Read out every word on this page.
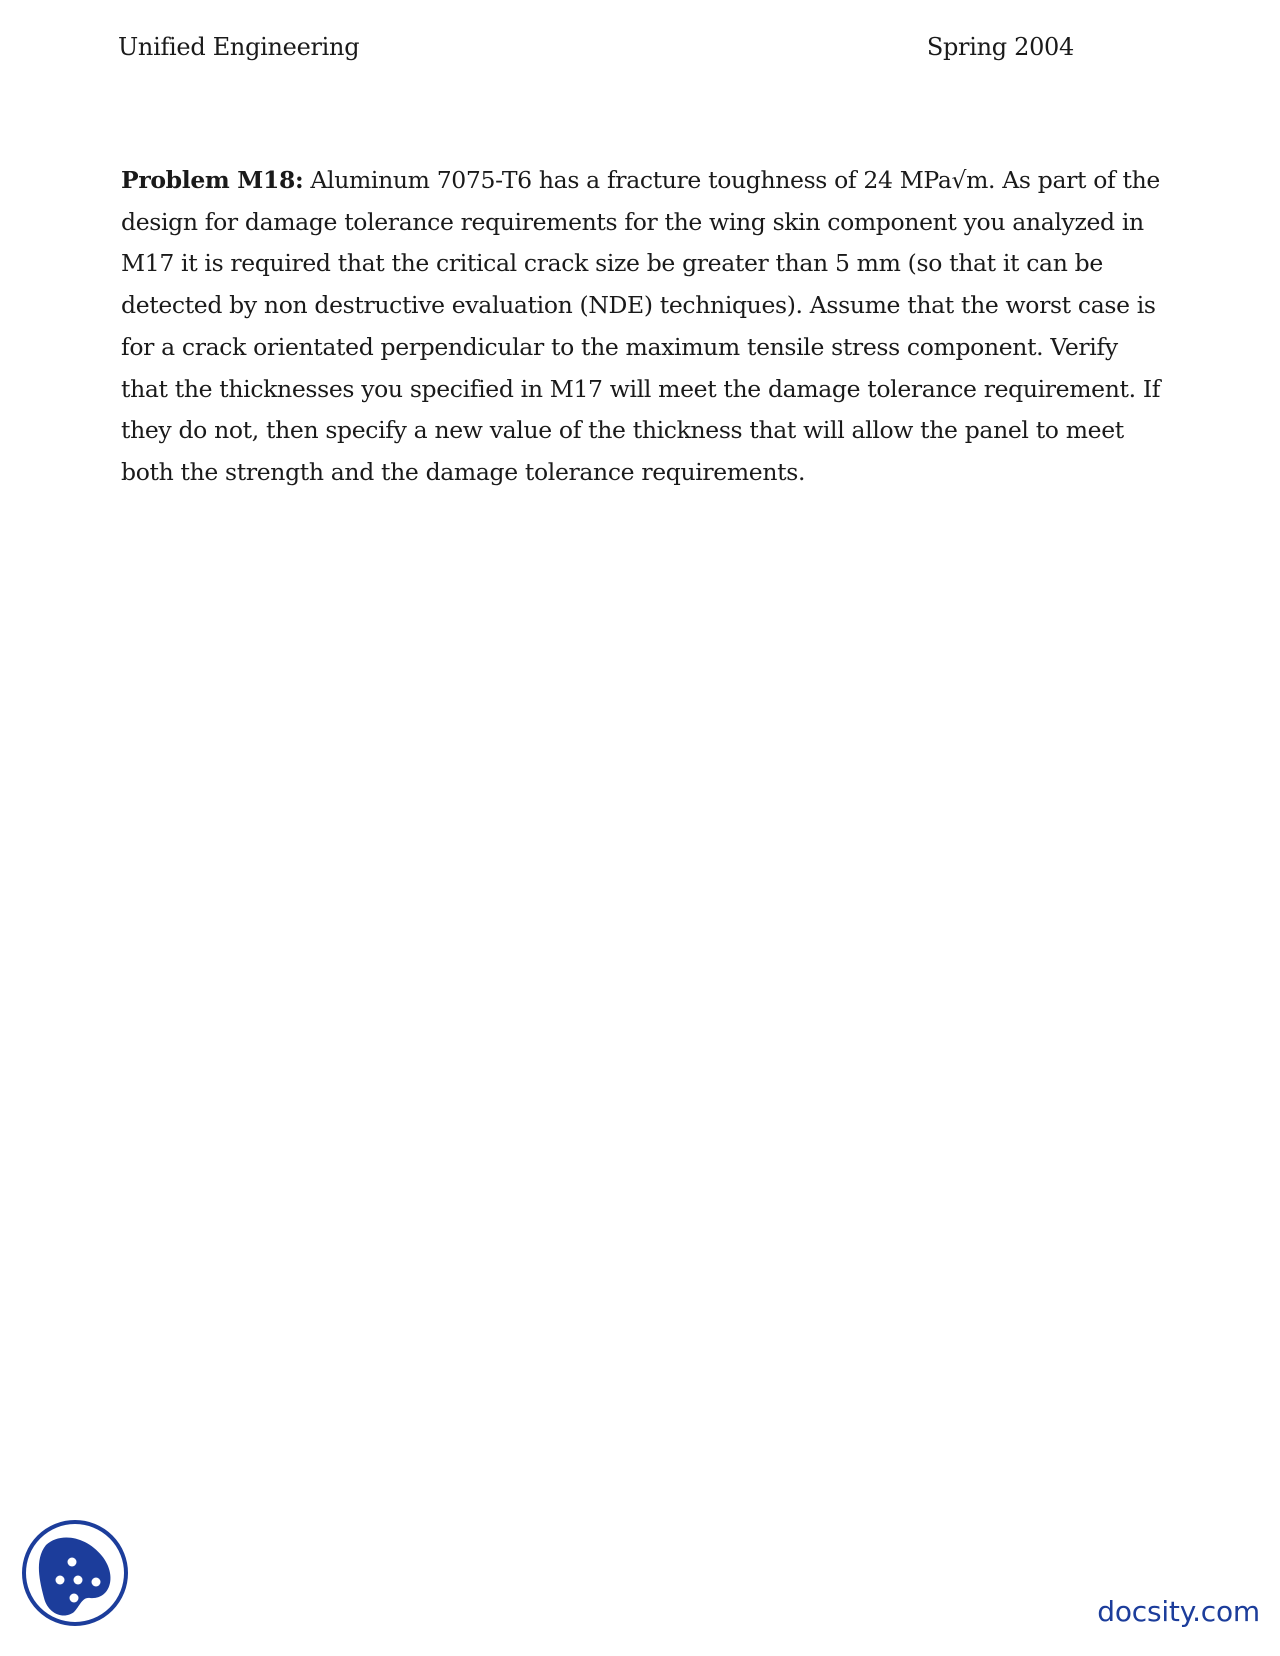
Unified Engineering	Spring 2004

Problem M18: Aluminum 7075-T6 has a fracture toughness of 24 MPa√m. As part of the design for damage tolerance requirements for the wing skin component you analyzed in M17 it is required that the critical crack size be greater than 5 mm (so that it can be detected by non destructive evaluation (NDE) techniques). Assume that the worst case is for a crack orientated perpendicular to the maximum tensile stress component. Verify that the thicknesses you specified in M17 will meet the damage tolerance requirement. If they do not, then specify a new value of the thickness that will allow the panel to meet both the strength and the damage tolerance requirements.

docsity.com
